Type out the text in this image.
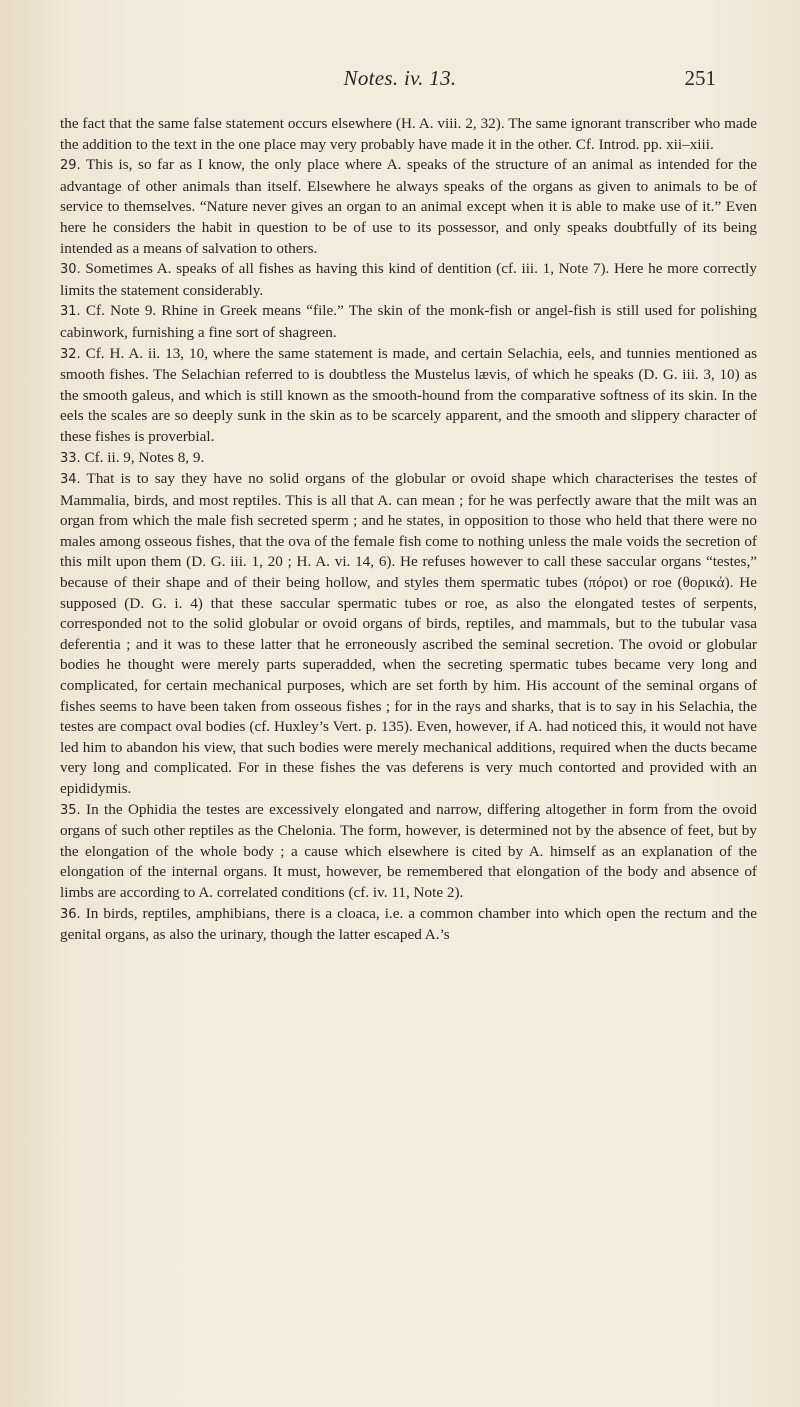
Notes. iv. 13.	251

the fact that the same false statement occurs elsewhere (H. A. viii. 2, 32). The same ignorant transcriber who made the addition to the text in the one place may very probably have made it in the other. Cf. Introd. pp. xii–xiii.

29. This is, so far as I know, the only place where A. speaks of the structure of an animal as intended for the advantage of other animals than itself. Elsewhere he always speaks of the organs as given to animals to be of service to themselves. “Nature never gives an organ to an animal except when it is able to make use of it.” Even here he considers the habit in question to be of use to its possessor, and only speaks doubtfully of its being intended as a means of salvation to others.

30. Sometimes A. speaks of all fishes as having this kind of dentition (cf. iii. 1, Note 7). Here he more correctly limits the statement considerably.

31. Cf. Note 9. Rhine in Greek means “file.” The skin of the monk-fish or angel-fish is still used for polishing cabinwork, furnishing a fine sort of shagreen.

32. Cf. H. A. ii. 13, 10, where the same statement is made, and certain Selachia, eels, and tunnies mentioned as smooth fishes. The Selachian referred to is doubtless the Mustelus lævis, of which he speaks (D. G. iii. 3, 10) as the smooth galeus, and which is still known as the smooth-hound from the comparative softness of its skin. In the eels the scales are so deeply sunk in the skin as to be scarcely apparent, and the smooth and slippery character of these fishes is proverbial.

33. Cf. ii. 9, Notes 8, 9.

34. That is to say they have no solid organs of the globular or ovoid shape which characterises the testes of Mammalia, birds, and most reptiles. This is all that A. can mean ; for he was perfectly aware that the milt was an organ from which the male fish secreted sperm ; and he states, in opposition to those who held that there were no males among osseous fishes, that the ova of the female fish come to nothing unless the male voids the secretion of this milt upon them (D. G. iii. 1, 20 ; H. A. vi. 14, 6). He refuses however to call these saccular organs “testes,” because of their shape and of their being hollow, and styles them spermatic tubes (πόροι) or roe (θορικά). He supposed (D. G. i. 4) that these saccular spermatic tubes or roe, as also the elongated testes of serpents, corresponded not to the solid globular or ovoid organs of birds, reptiles, and mammals, but to the tubular vasa deferentia ; and it was to these latter that he erroneously ascribed the seminal secretion. The ovoid or globular bodies he thought were merely parts superadded, when the secreting spermatic tubes became very long and complicated, for certain mechanical purposes, which are set forth by him. His account of the seminal organs of fishes seems to have been taken from osseous fishes ; for in the rays and sharks, that is to say in his Selachia, the testes are compact oval bodies (cf. Huxley’s Vert. p. 135). Even, however, if A. had noticed this, it would not have led him to abandon his view, that such bodies were merely mechanical additions, required when the ducts became very long and complicated. For in these fishes the vas deferens is very much contorted and provided with an epididymis.

35. In the Ophidia the testes are excessively elongated and narrow, differing altogether in form from the ovoid organs of such other reptiles as the Chelonia. The form, however, is determined not by the absence of feet, but by the elongation of the whole body ; a cause which elsewhere is cited by A. himself as an explanation of the elongation of the internal organs. It must, however, be remembered that elongation of the body and absence of limbs are according to A. correlated conditions (cf. iv. 11, Note 2).

36. In birds, reptiles, amphibians, there is a cloaca, i.e. a common chamber into which open the rectum and the genital organs, as also the urinary, though the latter escaped A.’s
